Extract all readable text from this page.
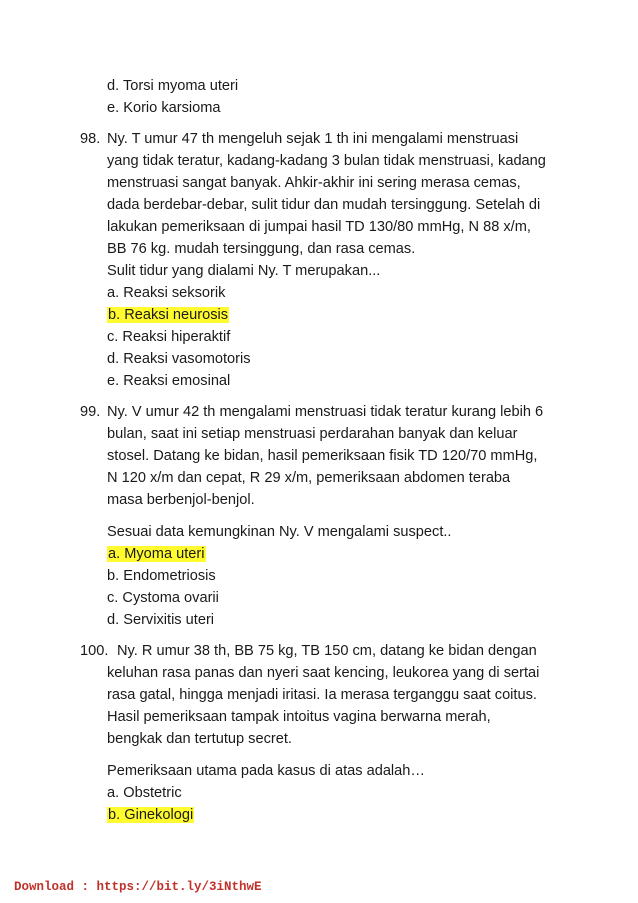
d. Torsi myoma uteri
e. Korio karsioma
98. Ny. T umur 47 th mengeluh sejak 1 th ini mengalami menstruasi
yang tidak teratur, kadang-kadang 3 bulan tidak menstruasi, kadang
menstruasi sangat banyak. Ahkir-akhir ini sering merasa cemas,
dada berdebar-debar, sulit tidur dan mudah tersinggung. Setelah di
lakukan pemeriksaan di jumpai hasil TD 130/80 mmHg, N 88 x/m,
BB 76 kg. mudah tersinggung, dan rasa cemas.
Sulit tidur yang dialami Ny. T merupakan...
a. Reaksi seksorik
b. Reaksi neurosis
c. Reaksi hiperaktif
d. Reaksi vasomotoris
e. Reaksi emosinal
99. Ny. V umur 42 th mengalami menstruasi tidak teratur kurang lebih 6
bulan, saat ini setiap menstruasi perdarahan banyak dan keluar
stosel. Datang ke bidan, hasil pemeriksaan fisik TD 120/70 mmHg,
N 120 x/m dan cepat, R 29 x/m, pemeriksaan abdomen teraba
masa berbenjol-benjol.
Sesuai data kemungkinan Ny. V mengalami suspect..
a. Myoma uteri
b. Endometriosis
c. Cystoma ovarii
d. Servixitis uteri
100. Ny. R umur 38 th, BB 75 kg, TB 150 cm, datang ke bidan dengan
keluhan rasa panas dan nyeri saat kencing, leukorea yang di sertai
rasa gatal, hingga menjadi iritasi. Ia merasa terganggu saat coitus.
Hasil pemeriksaan tampak intoitus vagina berwarna merah,
bengkak dan tertutup secret.
Pemeriksaan utama pada kasus di atas adalah…
a. Obstetric
b. Ginekologi
Download : https://bit.ly/3iNthwE
